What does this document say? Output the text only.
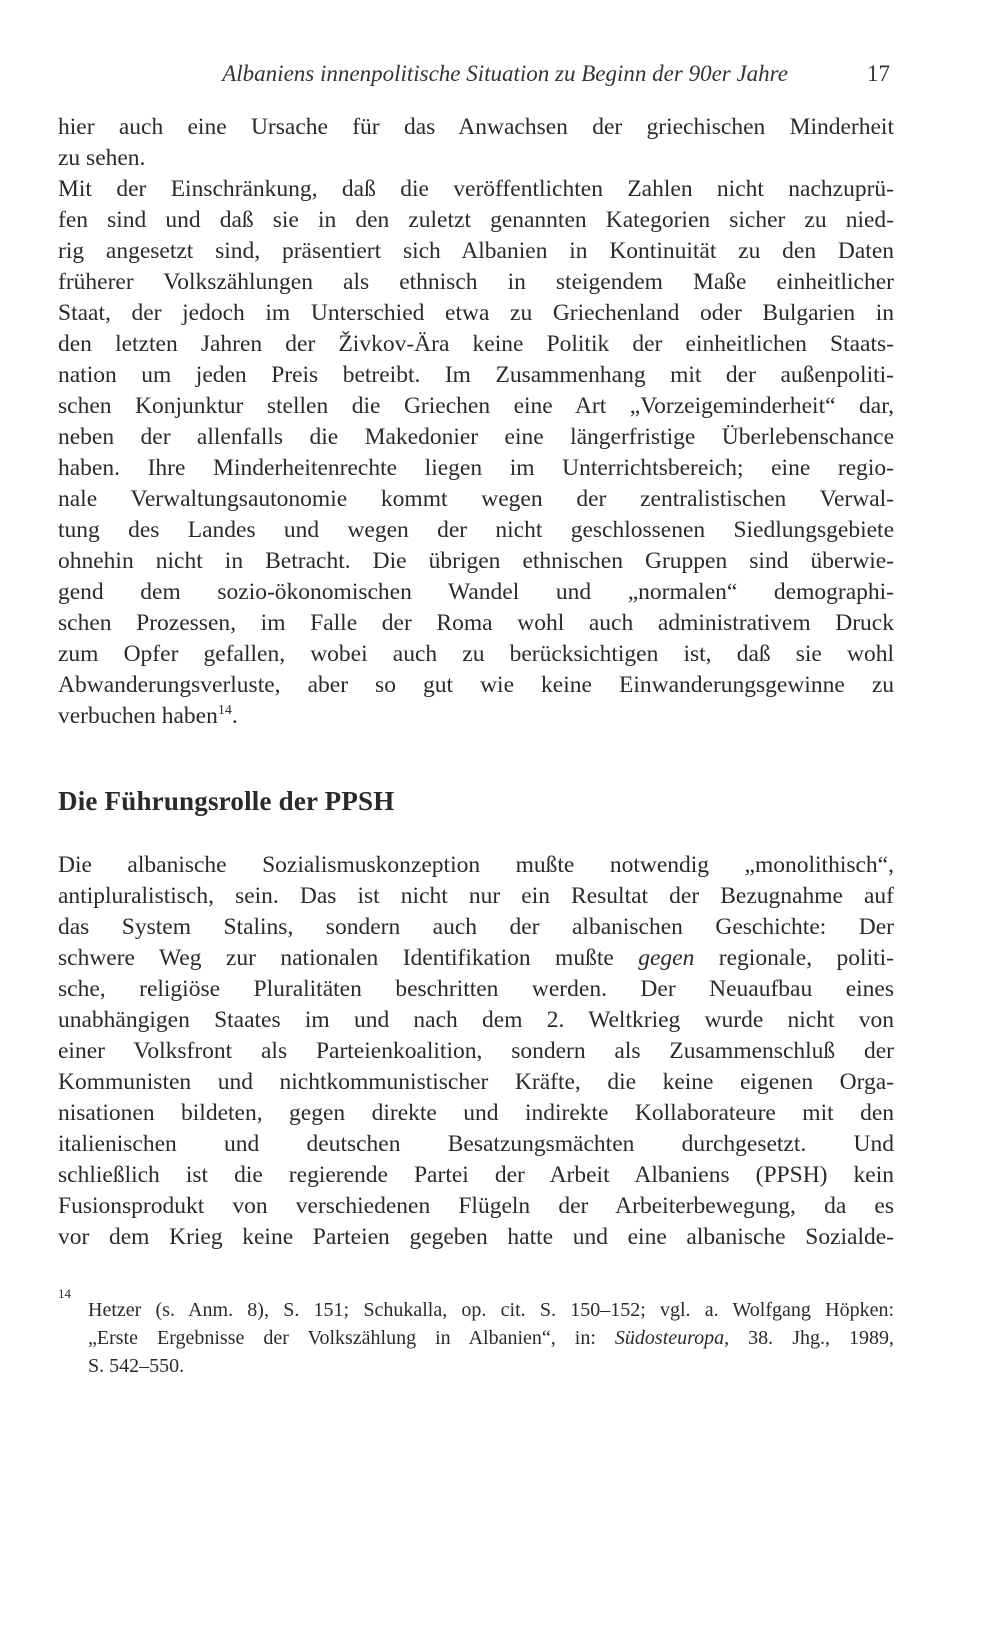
Albaniens innenpolitische Situation zu Beginn der 90er Jahre	17
hier auch eine Ursache für das Anwachsen der griechischen Minderheit
zu sehen.
Mit der Einschränkung, daß die veröffentlichten Zahlen nicht nachzuprü-
fen sind und daß sie in den zuletzt genannten Kategorien sicher zu nied-
rig angesetzt sind, präsentiert sich Albanien in Kontinuität zu den Daten
früherer Volkszählungen als ethnisch in steigendem Maße einheitlicher
Staat, der jedoch im Unterschied etwa zu Griechenland oder Bulgarien in
den letzten Jahren der Živkov-Ära keine Politik der einheitlichen Staats-
nation um jeden Preis betreibt. Im Zusammenhang mit der außenpoliti-
schen Konjunktur stellen die Griechen eine Art „Vorzeigeminderheit“ dar,
neben der allenfalls die Makedonier eine längerfristige Überlebenschance
haben. Ihre Minderheitenrechte liegen im Unterrichtsbereich; eine regio-
nale Verwaltungsautonomie kommt wegen der zentralistischen Verwal-
tung des Landes und wegen der nicht geschlossenen Siedlungsgebiete
ohnehin nicht in Betracht. Die übrigen ethnischen Gruppen sind überwie-
gend dem sozio-ökonomischen Wandel und „normalen“ demographi-
schen Prozessen, im Falle der Roma wohl auch administrativem Druck
zum Opfer gefallen, wobei auch zu berücksichtigen ist, daß sie wohl
Abwanderungsverluste, aber so gut wie keine Einwanderungsgewinne zu
verbuchen haben$^{14}$.
Die Führungsrolle der PPSH
Die albanische Sozialismuskonzeption mußte notwendig „monolithisch“,
antipluralistisch, sein. Das ist nicht nur ein Resultat der Bezugnahme auf
das System Stalins, sondern auch der albanischen Geschichte: Der
schwere Weg zur nationalen Identifikation mußte gegen regionale, politi-
sche, religiöse Pluralitäten beschritten werden. Der Neuaufbau eines
unabhängigen Staates im und nach dem 2. Weltkrieg wurde nicht von
einer Volksfront als Parteienkoalition, sondern als Zusammenschluß der
Kommunisten und nichtkommunistischer Kräfte, die keine eigenen Orga-
nisationen bildeten, gegen direkte und indirekte Kollaborateure mit den
italienischen und deutschen Besatzungsmächten durchgesetzt. Und
schließlich ist die regierende Partei der Arbeit Albaniens (PPSH) kein
Fusionsprodukt von verschiedenen Flügeln der Arbeiterbewegung, da es
vor dem Krieg keine Parteien gegeben hatte und eine albanische Sozialde-
14
Hetzer (s. Anm. 8), S. 151; Schukalla, op. cit. S. 150–152; vgl. a. Wolfgang Höpken:
„Erste Ergebnisse der Volkszählung in Albanien“, in: Südosteuropa, 38. Jhg., 1989,
S. 542–550.
